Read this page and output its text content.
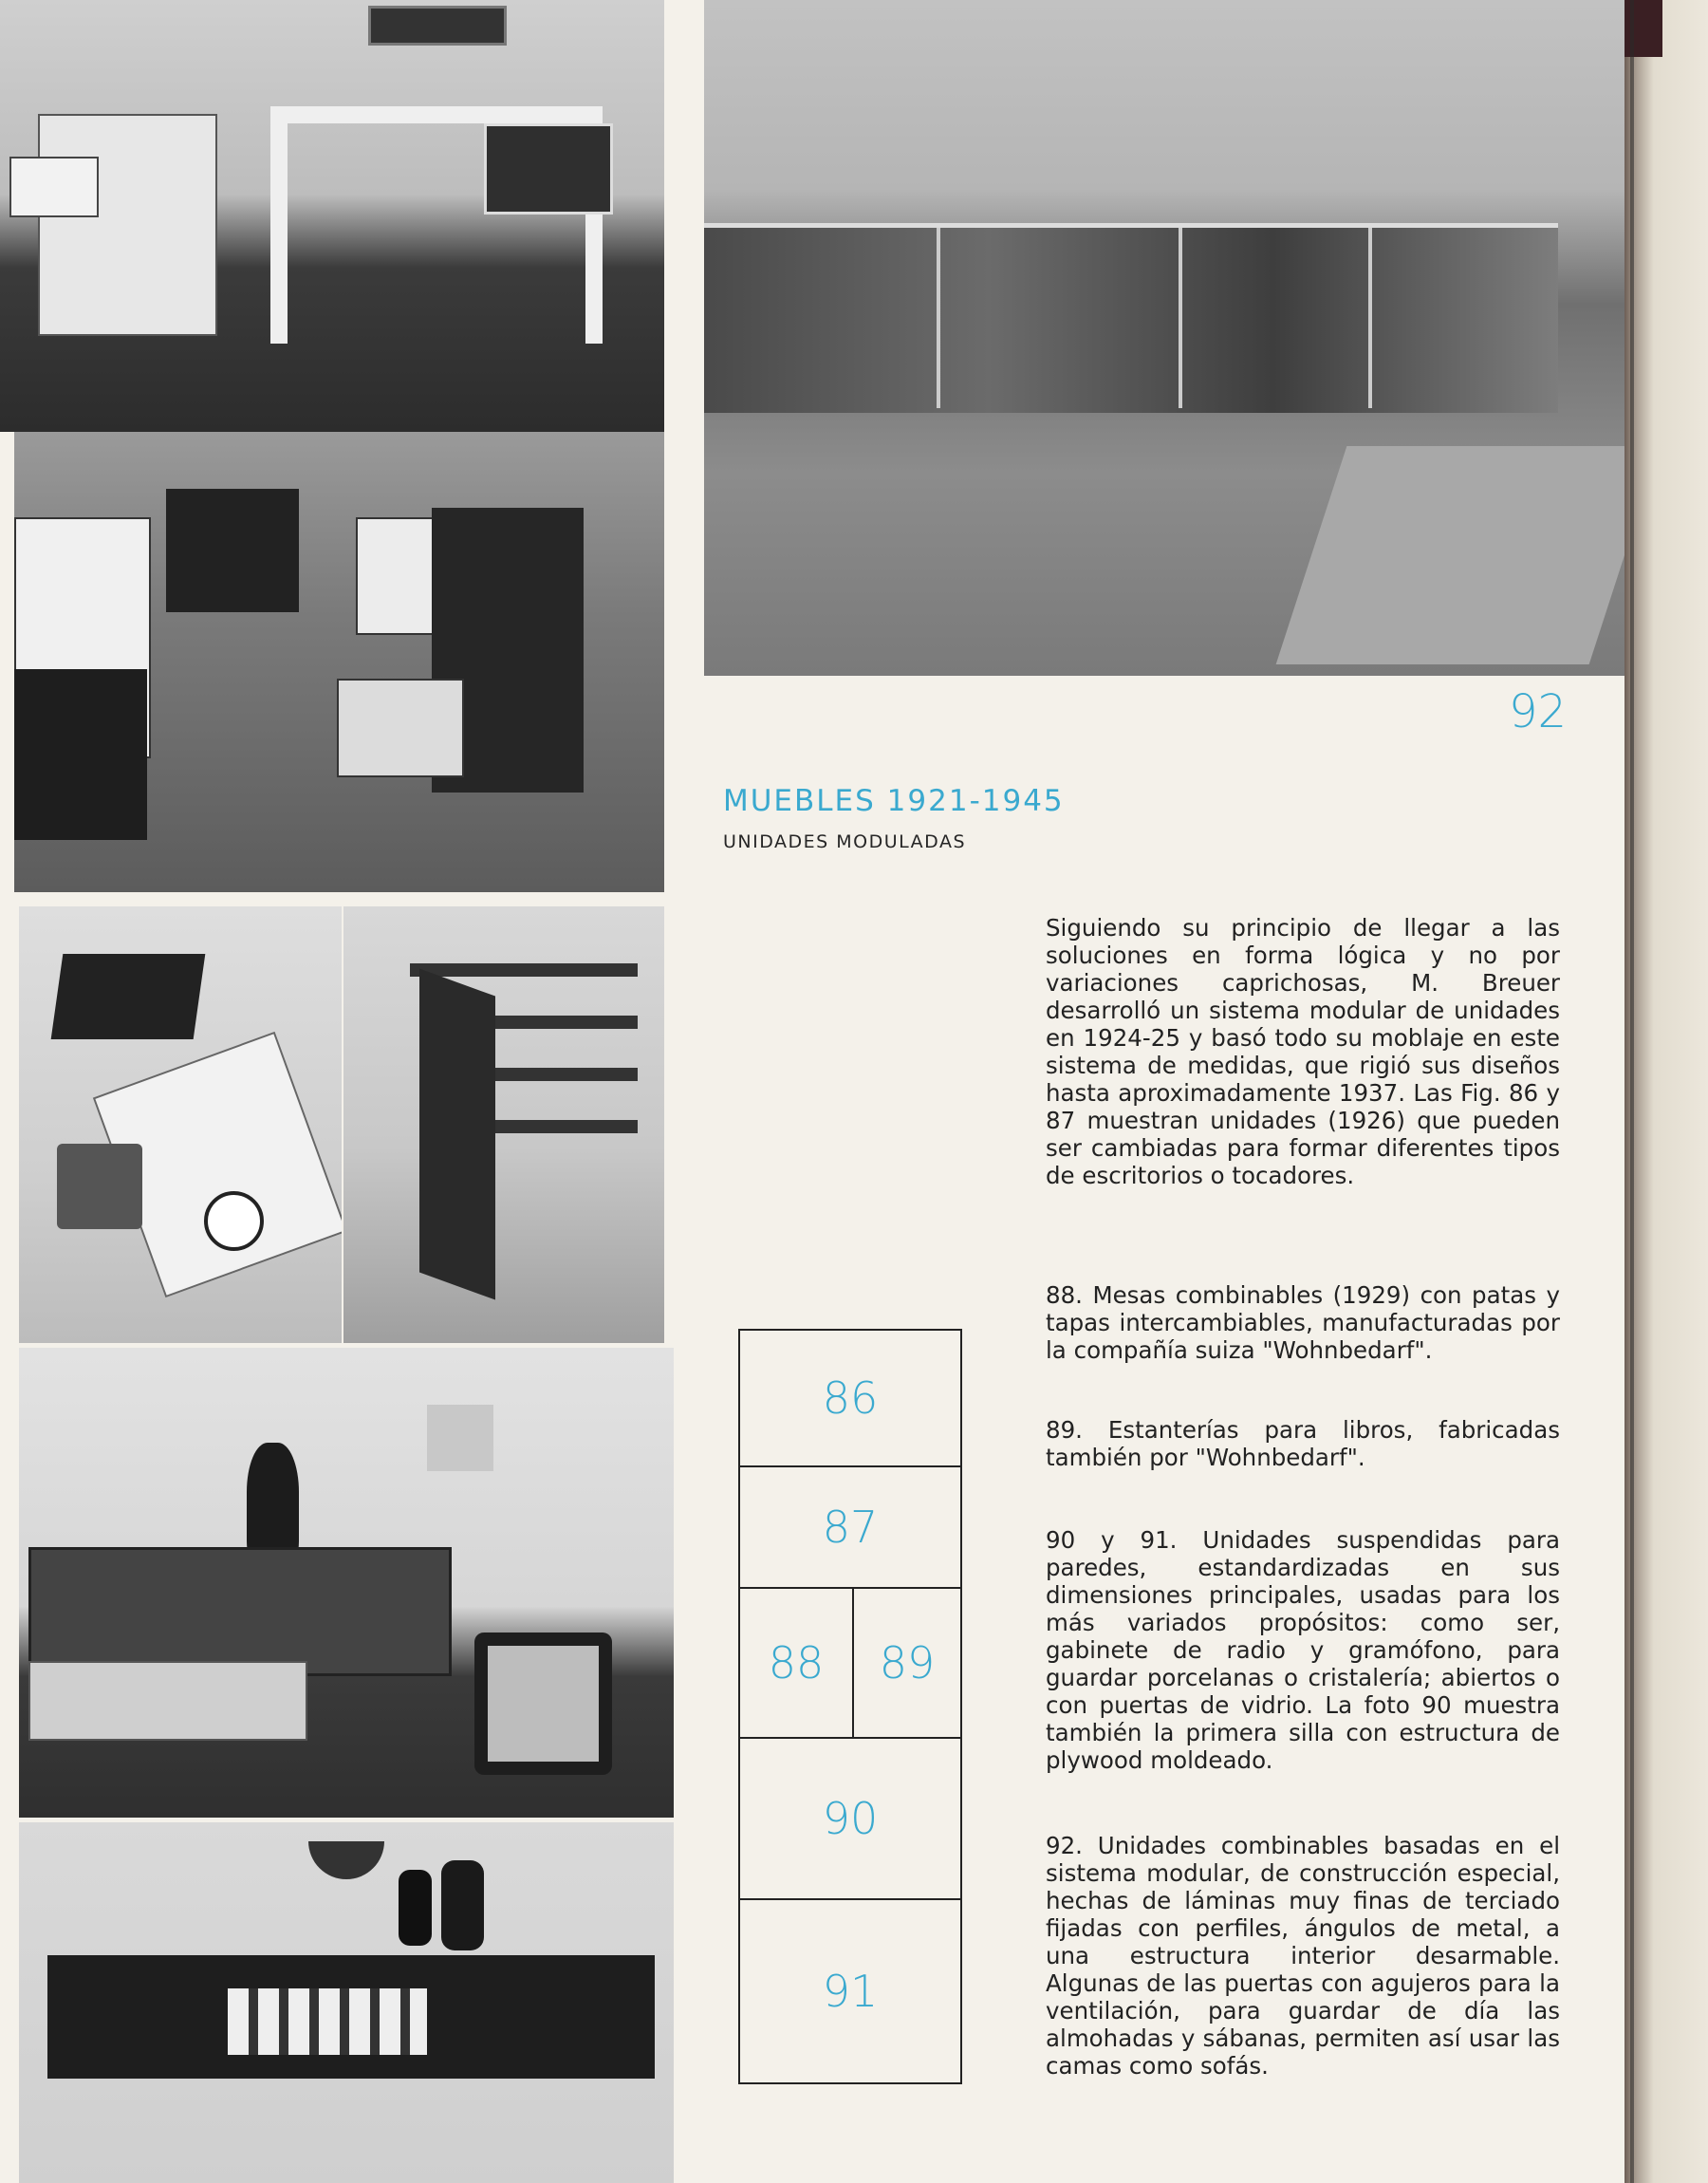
92
MUEBLES 1921-1945
UNIDADES MODULADAS

Siguiendo su principio de llegar a las soluciones en forma lógica y no por variaciones caprichosas, M. Breuer desarrolló un sistema modular de unidades en 1924-25 y basó todo su moblaje en este sistema de medidas, que rigió sus diseños hasta aproximadamente 1937. Las Fig. 86 y 87 muestran unidades (1926) que pueden ser cambiadas para formar diferentes tipos de escritorios o tocadores.

88. Mesas combinables (1929) con patas y tapas intercambiables, manufacturadas por la compañía suiza "Wohnbedarf".

89. Estanterías para libros, fabricadas también por "Wohnbedarf".

90 y 91. Unidades suspendidas para paredes, estandardizadas en sus dimensiones principales, usadas para los más variados propósitos: como ser, gabinete de radio y gramófono, para guardar porcelanas o cristalería; abiertos o con puertas de vidrio. La foto 90 muestra también la primera silla con estructura de plywood moldeado.

92. Unidades combinables basadas en el sistema modular, de construcción especial, hechas de láminas muy finas de terciado fijadas con perfiles, ángulos de metal, a una estructura interior desarmable. Algunas de las puertas con agujeros para la ventilación, para guardar de día las almohadas y sábanas, permiten así usar las camas como sofás.

86
87
88 89
90
91
